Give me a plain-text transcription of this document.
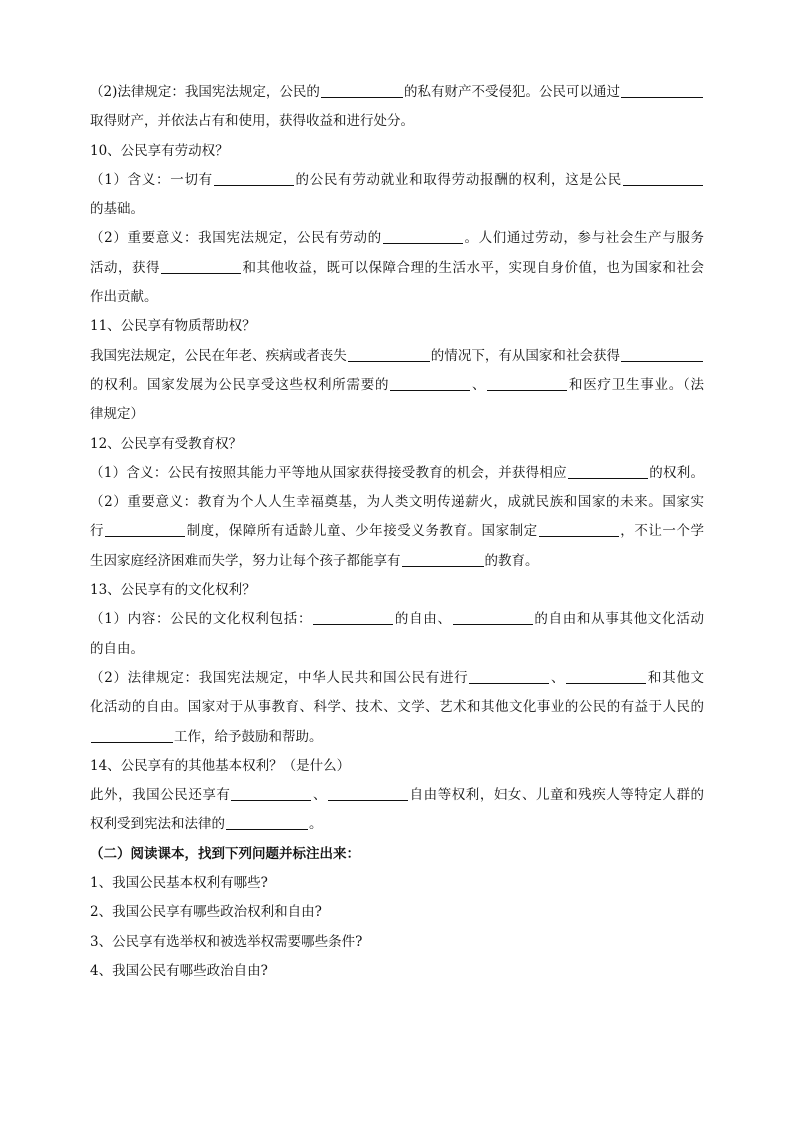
（2)法律规定：我国宪法规定，公民的	的私有财产不受侵犯。公民可以通过
取得财产，并依法占有和使用，获得收益和进行处分。
10、公民享有劳动权？
（1）含义：一切有	的公民有劳动就业和取得劳动报酬的权利，这是公民
的基础。
（2）重要意义：我国宪法规定，公民有劳动的	。人们通过劳动，参与社会生产与服务
活动，获得	和其他收益，既可以保障合理的生活水平，实现自身价值，也为国家和社会
作出贡献。
11、公民享有物质帮助权？
我国宪法规定，公民在年老、疾病或者丧失	的情况下，有从国家和社会获得
的权利。国家发展为公民享受这些权利所需要的	、	和医疗卫生事业。（法
律规定）
12、公民享有受教育权？
（1）含义：公民有按照其能力平等地从国家获得接受教育的机会，并获得相应	的权利。
（2）重要意义：教育为个人人生幸福奠基，为人类文明传递薪火，成就民族和国家的未来。国家实
行	制度，保障所有适龄儿童、少年接受义务教育。国家制定	，不让一个学
生因家庭经济困难而失学，努力让每个孩子都能享有	的教育。
13、公民享有的文化权利？
（1）内容：公民的文化权利包括：	的自由、	的自由和从事其他文化活动
的自由。
（2）法律规定：我国宪法规定，中华人民共和国公民有进行	、	和其他文
化活动的自由。国家对于从事教育、科学、技术、文学、艺术和其他文化事业的公民的有益于人民的
工作，给予鼓励和帮助。
14、公民享有的其他基本权利？（是什么）
此外，我国公民还享有	、	自由等权利，妇女、儿童和残疾人等特定人群的
权利受到宪法和法律的	。
（二）阅读课本，找到下列问题并标注出来：
1、我国公民基本权利有哪些?
2、我国公民享有哪些政治权利和自由?
3、公民享有选举权和被选举权需要哪些条件?
4、我国公民有哪些政治自由?
